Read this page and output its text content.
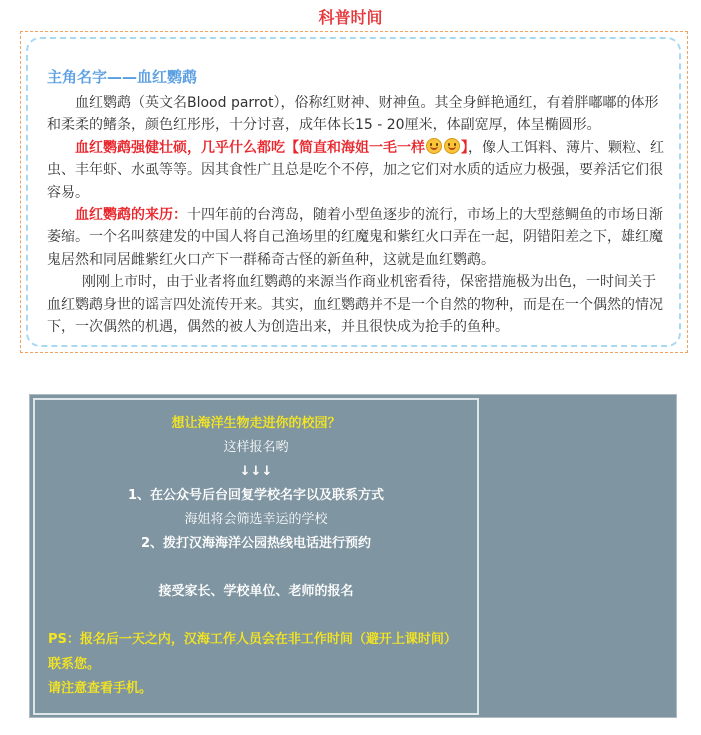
科普时间
主角名字——血红鹦鹉

血红鹦鹉（英文名Blood parrot），俗称红财神、财神鱼。其全身鲜艳通红，有着胖嘟嘟的体形和柔柔的鳍条，颜色红彤彤，十分讨喜，成年体长15 - 20厘米，体副宽厚，体呈椭圆形。

血红鹦鹉强健壮硕，几乎什么都吃【简直和海姐一毛一样	】，像人工饵料、薄片、颗粒、红虫、丰年虾、水虱等等。因其食性广且总是吃个不停，加之它们对水质的适应力极强，要养活它们很容易。

血红鹦鹉的来历：十四年前的台湾岛，随着小型鱼逐步的流行，市场上的大型慈鲷鱼的市场日渐萎缩。一个名叫蔡建发的中国人将自己渔场里的红魔鬼和紫红火口弄在一起，阴错阳差之下，雄红魔鬼居然和同居雌紫红火口产下一群稀奇古怪的新鱼种，这就是血红鹦鹉。

刚刚上市时，由于业者将血红鹦鹉的来源当作商业机密看待，保密措施极为出色，一时间关于血红鹦鹉身世的谣言四处流传开来。其实，血红鹦鹉并不是一个自然的物种，而是在一个偶然的情况下，一次偶然的机遇，偶然的被人为创造出来，并且很快成为抢手的鱼种。

想让海洋生物走进你的校园？
这样报名哟
↓↓↓
1、在公众号后台回复学校名字以及联系方式
海姐将会筛选幸运的学校
2、拨打汉海海洋公园热线电话进行预约
接受家长、学校单位、老师的报名

PS：报名后一天之内，汉海工作人员会在非工作时间（避开上课时间）联系您。

请注意查看手机。
